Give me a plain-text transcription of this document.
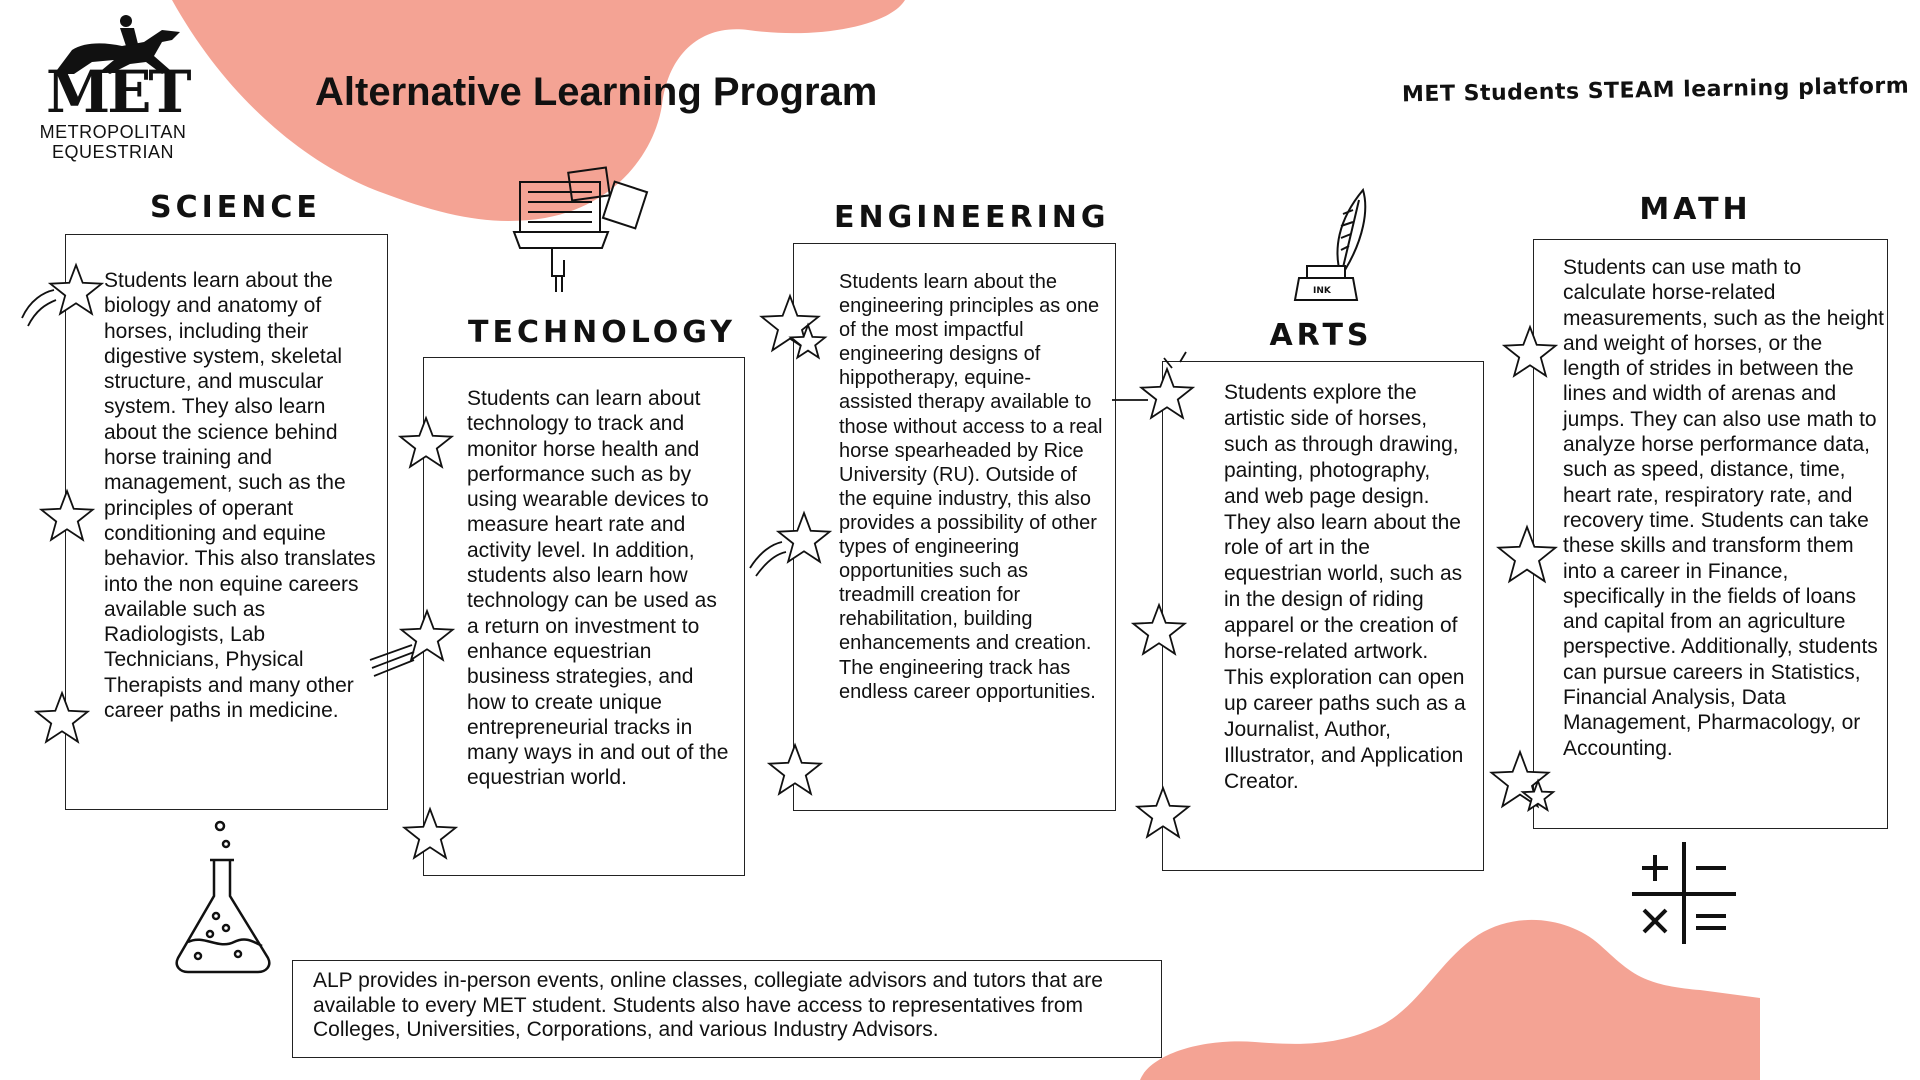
MET
METROPOLITAN
EQUESTRIAN
Alternative Learning Program	MET Students STEAM learning platform
SCIENCE
Students learn about the biology and anatomy of horses, including their digestive system, skeletal structure, and muscular system. They also learn about the science behind horse training and management, such as the principles of operant conditioning and equine behavior. This also translates into the non equine careers available such as Radiologists, Lab Technicians, Physical Therapists and many other career paths in medicine.
TECHNOLOGY
Students can learn about technology to track and monitor horse health and performance such as by using wearable devices to measure heart rate and activity level. In addition, students also learn how technology can be used as a return on investment to enhance equestrian business strategies, and how to create unique entrepreneurial tracks in many ways in and out of the equestrian world.
ENGINEERING
Students learn about the engineering principles as one of the most impactful engineering designs of hippotherapy, equine-assisted therapy available to those without access to a real horse spearheaded by Rice University (RU). Outside of the equine industry, this also provides a possibility of other types of engineering opportunities such as treadmill creation for rehabilitation, building enhancements and creation. The engineering track has endless career opportunities.
ARTS
Students explore the artistic side of horses, such as through drawing, painting, photography, and web page design. They also learn about the role of art in the equestrian world, such as in the design of riding apparel or the creation of horse-related artwork. This exploration can open up career paths such as a Journalist, Author, Illustrator, and Application Creator.
MATH
Students can use math to calculate horse-related measurements, such as the height and weight of horses, or the length of strides in between the lines and width of arenas and jumps. They can also use math to analyze horse performance data, such as speed, distance, time, heart rate, respiratory rate, and recovery time. Students can take these skills and transform them into a career in Finance, specifically in the fields of loans and capital from an agriculture perspective. Additionally, students can pursue careers in Statistics, Financial Analysis, Data Management, Pharmacology, or Accounting.
ALP provides in-person events, online classes, collegiate advisors and tutors that are available to every MET student. Students also have access to representatives from Colleges, Universities, Corporations, and various Industry Advisors.
INK
